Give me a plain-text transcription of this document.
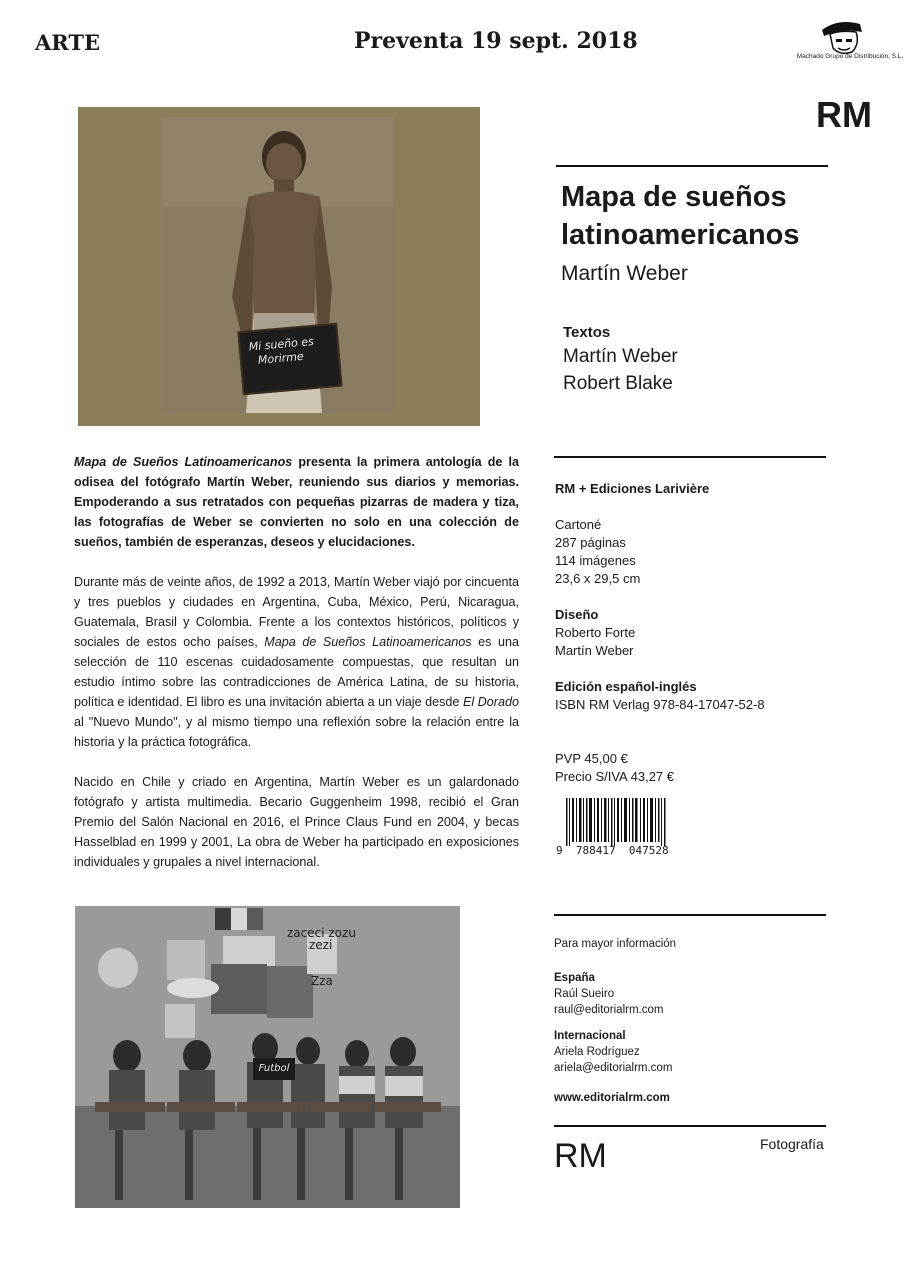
ARTE	Preventa 19 sept. 2018
Machado Grupo de Distribución, S.L.
RM
Mi sueño es
Morirme
Mapa de sueños
latinoamericanos
Martín Weber
Textos
Martín Weber
Robert Blake

Mapa de Sueños Latinoamericanos presenta la primera antología de la odisea del fotógrafo Martín Weber, reuniendo sus diarios y memorias. Empoderando a sus retratados con pequeñas pizarras de madera y tiza, las fotografías de Weber se convierten no solo en una colección de sueños, también de esperanzas, deseos y elucidaciones.

Durante más de veinte años, de 1992 a 2013, Martín Weber viajó por cincuenta y tres pueblos y ciudades en Argentina, Cuba, México, Perú, Nicaragua, Guatemala, Brasil y Colombia. Frente a los contextos históricos, políticos y sociales de estos ocho países, Mapa de Sueños Latinoamericanos es una selección de 110 escenas cuidadosamente compuestas, que resultan un estudio íntimo sobre las contradicciones de América Latina, de su historia, política e identidad. El libro es una invitación abierta a un viaje desde El Dorado al "Nuevo Mundo", y al mismo tiempo una reflexión sobre la relación entre la historia y la práctica fotográfica.

Nacido en Chile y criado en Argentina, Martín Weber es un galardonado fotógrafo y artista multimedia. Becario Guggenheim 1998, recibió el Gran Premio del Salón Nacional en 2016, el Prince Claus Fund en 2004, y becas Hasselblad en 1999 y 2001, La obra de Weber ha participado en exposiciones individuales y grupales a nivel internacional.

RM + Ediciones Larivière
Cartoné
287 páginas
114 imágenes
23,6 x 29,5 cm
Diseño
Roberto Forte
Martín Weber
Edición español-inglés
ISBN RM Verlag 978-84-17047-52-8
PVP 45,00 €
Precio S/IVA 43,27 €
9  788417  047528
zaceci zozu
zezi
Zza
Futbol
Para mayor información
España
Raúl Sueiro
raul@editorialrm.com
Internacional
Ariela Rodríguez
ariela@editorialrm.com
www.editorialrm.com
RM	Fotografía
